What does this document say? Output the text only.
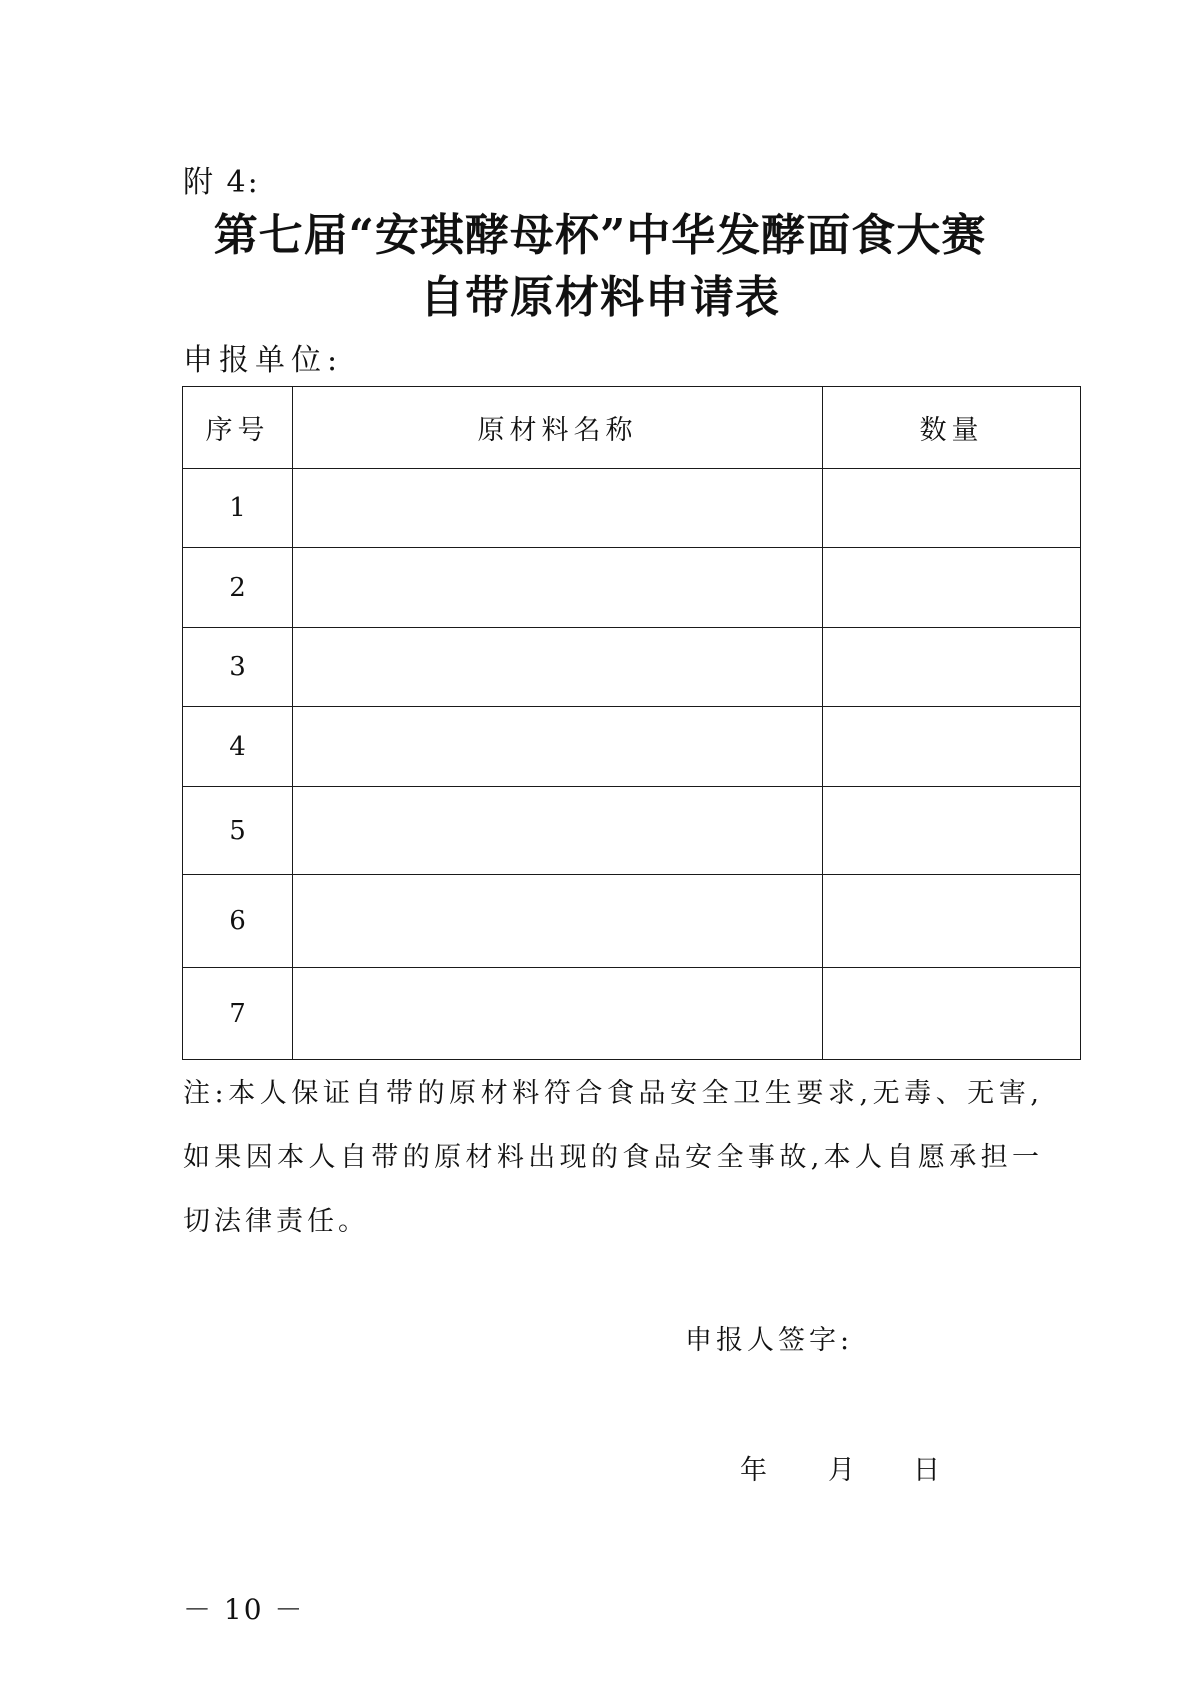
附 4:
第七届“安琪酵母杯”中华发酵面食大赛
自带原材料申请表
申报单位:
序号	原材料名称	数量
1		
2		
3		
4		
5		
6		
7		
注:本人保证自带的原材料符合食品安全卫生要求,无毒、无害,如果因本人自带的原材料出现的食品安全事故,本人自愿承担一切法律责任。
申报人签字:
年 月 日
－ 10 －
